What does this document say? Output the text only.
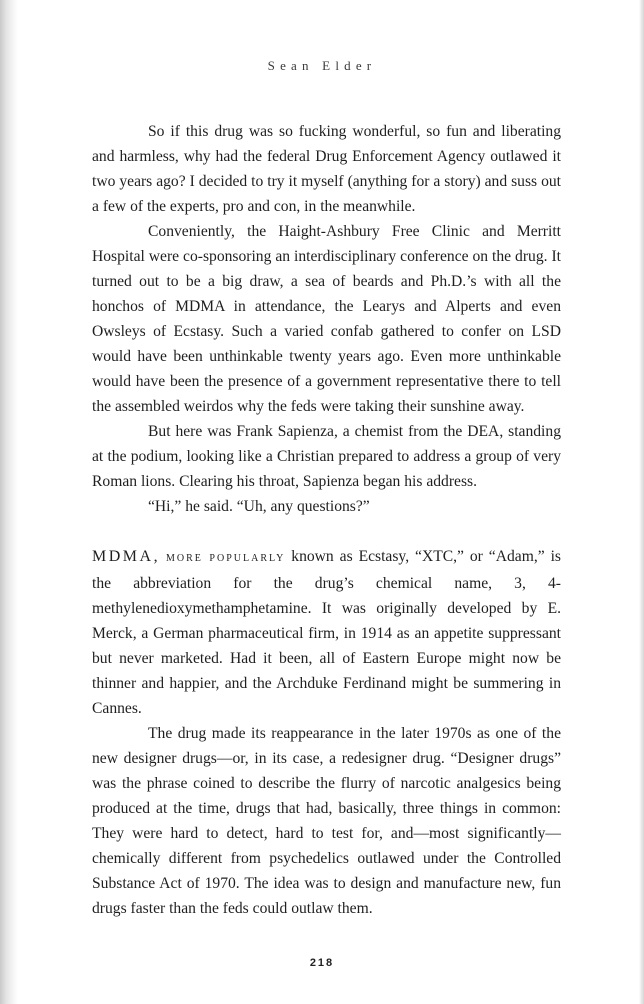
Sean Elder

So if this drug was so fucking wonderful, so fun and liberating and harmless, why had the federal Drug Enforcement Agency outlawed it two years ago? I decided to try it myself (anything for a story) and suss out a few of the experts, pro and con, in the meanwhile.

Conveniently, the Haight-Ashbury Free Clinic and Merritt Hospital were co-sponsoring an interdisciplinary conference on the drug. It turned out to be a big draw, a sea of beards and Ph.D.’s with all the honchos of MDMA in attendance, the Learys and Alperts and even Owsleys of Ecstasy. Such a varied confab gathered to confer on LSD would have been unthinkable twenty years ago. Even more unthinkable would have been the presence of a government representative there to tell the assembled weirdos why the feds were taking their sunshine away.

But here was Frank Sapienza, a chemist from the DEA, standing at the podium, looking like a Christian prepared to address a group of very Roman lions. Clearing his throat, Sapienza began his address.

“Hi,” he said. “Uh, any questions?”

MDMA, MORE POPULARLY known as Ecstasy, “XTC,” or “Adam,” is the abbreviation for the drug’s chemical name, 3, 4-methylenedioxymethamphetamine. It was originally developed by E. Merck, a German pharmaceutical firm, in 1914 as an appetite suppressant but never marketed. Had it been, all of Eastern Europe might now be thinner and happier, and the Archduke Ferdinand might be summering in Cannes.

The drug made its reappearance in the later 1970s as one of the new designer drugs—or, in its case, a redesigner drug. “Designer drugs” was the phrase coined to describe the flurry of narcotic analgesics being produced at the time, drugs that had, basically, three things in common: They were hard to detect, hard to test for, and—most significantly—chemically different from psychedelics outlawed under the Controlled Substance Act of 1970. The idea was to design and manufacture new, fun drugs faster than the feds could outlaw them.

218
